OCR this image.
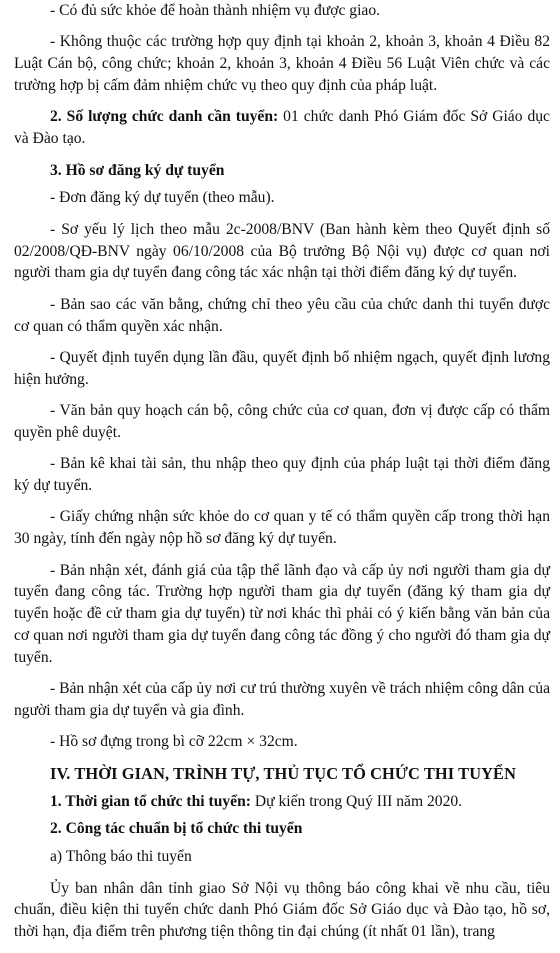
- Có đủ sức khỏe để hoàn thành nhiệm vụ được giao.

- Không thuộc các trường hợp quy định tại khoản 2, khoản 3, khoản 4 Điều 82 Luật Cán bộ, công chức; khoản 2, khoản 3, khoản 4 Điều 56 Luật Viên chức và các trường hợp bị cấm đảm nhiệm chức vụ theo quy định của pháp luật.

2. Số lượng chức danh cần tuyển: 01 chức danh Phó Giám đốc Sở Giáo dục và Đào tạo.

3. Hồ sơ đăng ký dự tuyển

- Đơn đăng ký dự tuyển (theo mẫu).

- Sơ yếu lý lịch theo mẫu 2c-2008/BNV (Ban hành kèm theo Quyết định số 02/2008/QĐ-BNV ngày 06/10/2008 của Bộ trưởng Bộ Nội vụ) được cơ quan nơi người tham gia dự tuyển đang công tác xác nhận tại thời điểm đăng ký dự tuyển.

- Bản sao các văn bằng, chứng chỉ theo yêu cầu của chức danh thi tuyển được cơ quan có thẩm quyền xác nhận.

- Quyết định tuyển dụng lần đầu, quyết định bổ nhiệm ngạch, quyết định lương hiện hưởng.

- Văn bản quy hoạch cán bộ, công chức của cơ quan, đơn vị được cấp có thẩm quyền phê duyệt.

- Bản kê khai tài sản, thu nhập theo quy định của pháp luật tại thời điểm đăng ký dự tuyển.

- Giấy chứng nhận sức khỏe do cơ quan y tế có thẩm quyền cấp trong thời hạn 30 ngày, tính đến ngày nộp hồ sơ đăng ký dự tuyển.

- Bản nhận xét, đánh giá của tập thể lãnh đạo và cấp ủy nơi người tham gia dự tuyển đang công tác. Trường hợp người tham gia dự tuyển (đăng ký tham gia dự tuyển hoặc đề cử tham gia dự tuyển) từ nơi khác thì phải có ý kiến bằng văn bản của cơ quan nơi người tham gia dự tuyển đang công tác đồng ý cho người đó tham gia dự tuyển.

- Bản nhận xét của cấp ủy nơi cư trú thường xuyên về trách nhiệm công dân của người tham gia dự tuyển và gia đình.

- Hồ sơ đựng trong bì cỡ 22cm × 32cm.

IV. THỜI GIAN, TRÌNH TỰ, THỦ TỤC TỔ CHỨC THI TUYỂN

1. Thời gian tổ chức thi tuyển: Dự kiến trong Quý III năm 2020.

2. Công tác chuẩn bị tổ chức thi tuyển

a) Thông báo thi tuyển

Ủy ban nhân dân tỉnh giao Sở Nội vụ thông báo công khai về nhu cầu, tiêu chuẩn, điều kiện thi tuyển chức danh Phó Giám đốc Sở Giáo dục và Đào tạo, hồ sơ, thời hạn, địa điểm trên phương tiện thông tin đại chúng (ít nhất 01 lần), trang
